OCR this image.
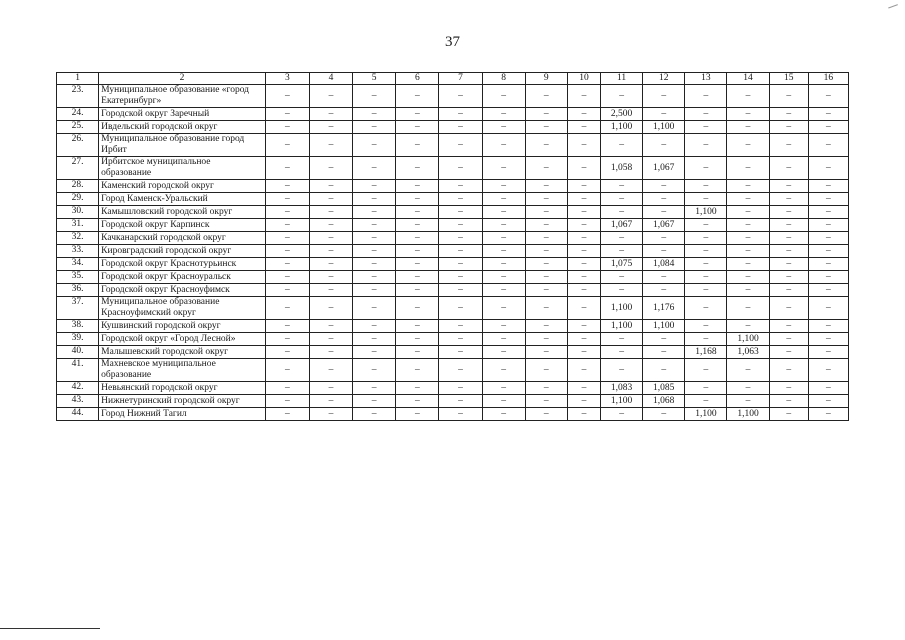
37
1	2	3	4	5	6	7	8	9	10	11	12	13	14	15	16
23.	Муниципальное образование «город Екатеринбург»	–	–	–	–	–	–	–	–	–	–	–	–	–	–
24.	Городской округ Заречный	–	–	–	–	–	–	–	–	2,500	–	–	–	–	–
25.	Ивдельский городской округ	–	–	–	–	–	–	–	–	1,100	1,100	–	–	–	–
26.	Муниципальное образование город Ирбит	–	–	–	–	–	–	–	–	–	–	–	–	–	–
27.	Ирбитское муниципальное образование	–	–	–	–	–	–	–	–	1,058	1,067	–	–	–	–
28.	Каменский городской округ	–	–	–	–	–	–	–	–	–	–	–	–	–	–
29.	Город Каменск-Уральский	–	–	–	–	–	–	–	–	–	–	–	–	–	–
30.	Камышловский городской округ	–	–	–	–	–	–	–	–	–	–	1,100	–	–	–
31.	Городской округ Карпинск	–	–	–	–	–	–	–	–	1,067	1,067	–	–	–	–
32.	Качканарский городской округ	–	–	–	–	–	–	–	–	–	–	–	–	–	–
33.	Кировградский городской округ	–	–	–	–	–	–	–	–	–	–	–	–	–	–
34.	Городской округ Краснотурьинск	–	–	–	–	–	–	–	–	1,075	1,084	–	–	–	–
35.	Городской округ Красноуральск	–	–	–	–	–	–	–	–	–	–	–	–	–	–
36.	Городской округ Красноуфимск	–	–	–	–	–	–	–	–	–	–	–	–	–	–
37.	Муниципальное образование Красноуфимский округ	–	–	–	–	–	–	–	–	1,100	1,176	–	–	–	–
38.	Кушвинский городской округ	–	–	–	–	–	–	–	–	1,100	1,100	–	–	–	–
39.	Городской округ «Город Лесной»	–	–	–	–	–	–	–	–	–	–	–	1,100	–	–
40.	Малышевский городской округ	–	–	–	–	–	–	–	–	–	–	1,168	1,063	–	–
41.	Махневское муниципальное образование	–	–	–	–	–	–	–	–	–	–	–	–	–	–
42.	Невьянский городской округ	–	–	–	–	–	–	–	–	1,083	1,085	–	–	–	–
43.	Нижнетуринский городской округ	–	–	–	–	–	–	–	–	1,100	1,068	–	–	–	–
44.	Город Нижний Тагил	–	–	–	–	–	–	–	–	–	–	1,100	1,100	–	–
